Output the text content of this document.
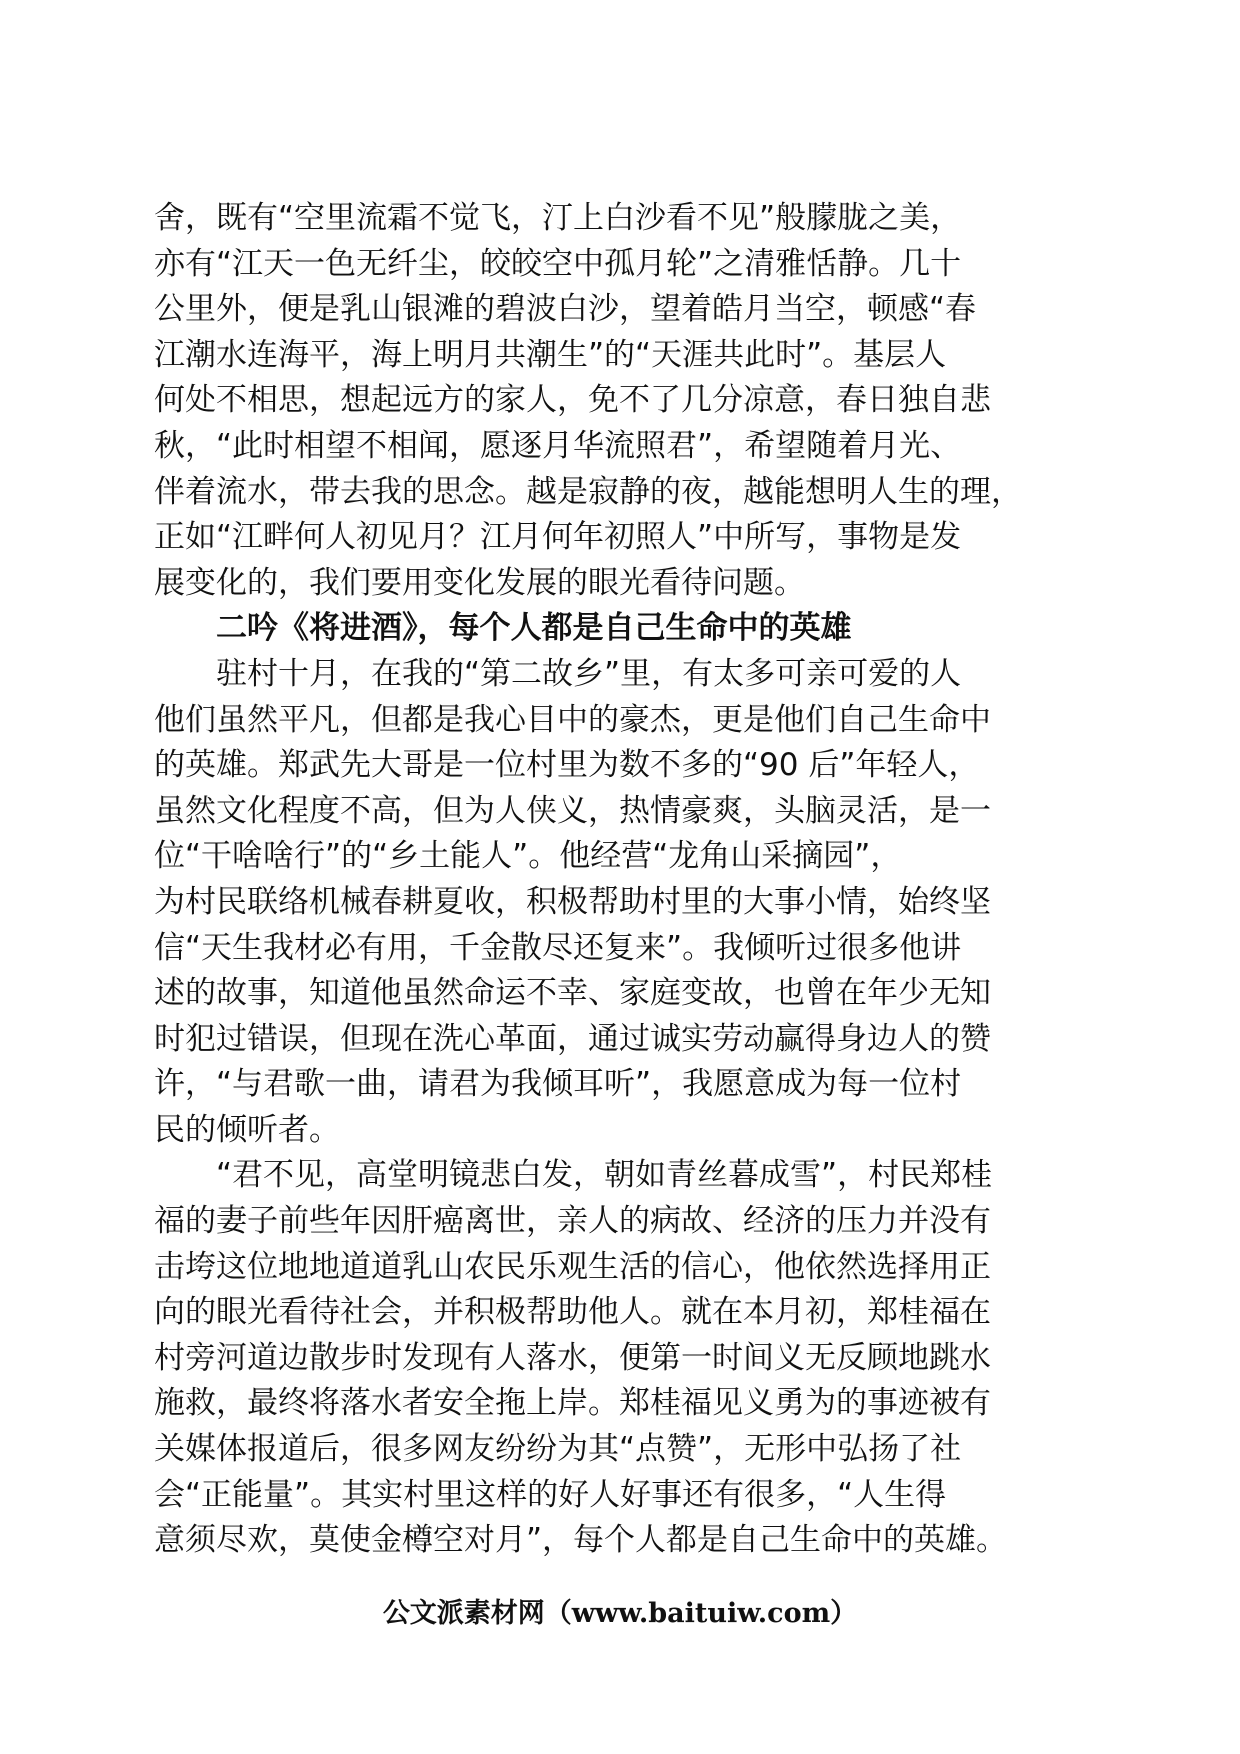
舍，既有“空里流霜不觉飞，汀上白沙看不见”般朦胧之美，
亦有“江天一色无纤尘，皎皎空中孤月轮”之清雅恬静。几十
公里外，便是乳山银滩的碧波白沙，望着皓月当空，顿感“春
江潮水连海平，海上明月共潮生”的“天涯共此时”。基层人
何处不相思，想起远方的家人，免不了几分凉意，春日独自悲
秋，“此时相望不相闻，愿逐月华流照君”，希望随着月光、
伴着流水，带去我的思念。越是寂静的夜，越能想明人生的理，
正如“江畔何人初见月？江月何年初照人”中所写，事物是发
展变化的，我们要用变化发展的眼光看待问题。
　　二吟《将进酒》，每个人都是自己生命中的英雄
　　驻村十月，在我的“第二故乡”里，有太多可亲可爱的人
他们虽然平凡，但都是我心目中的豪杰，更是他们自己生命中
的英雄。郑武先大哥是一位村里为数不多的“90 后”年轻人，
虽然文化程度不高，但为人侠义，热情豪爽，头脑灵活，是一
位“干啥啥行”的“乡土能人”。他经营“龙角山采摘园”，
为村民联络机械春耕夏收，积极帮助村里的大事小情，始终坚
信“天生我材必有用，千金散尽还复来”。我倾听过很多他讲
述的故事，知道他虽然命运不幸、家庭变故，也曾在年少无知
时犯过错误，但现在洗心革面，通过诚实劳动赢得身边人的赞
许，“与君歌一曲，请君为我倾耳听”，我愿意成为每一位村
民的倾听者。
　　“君不见，高堂明镜悲白发，朝如青丝暮成雪”，村民郑桂
福的妻子前些年因肝癌离世，亲人的病故、经济的压力并没有
击垮这位地地道道乳山农民乐观生活的信心，他依然选择用正
向的眼光看待社会，并积极帮助他人。就在本月初，郑桂福在
村旁河道边散步时发现有人落水，便第一时间义无反顾地跳水
施救，最终将落水者安全拖上岸。郑桂福见义勇为的事迹被有
关媒体报道后，很多网友纷纷为其“点赞”，无形中弘扬了社
会“正能量”。其实村里这样的好人好事还有很多，“人生得
意须尽欢，莫使金樽空对月”，每个人都是自己生命中的英雄。
公文派素材网（www.baituiw.com）
